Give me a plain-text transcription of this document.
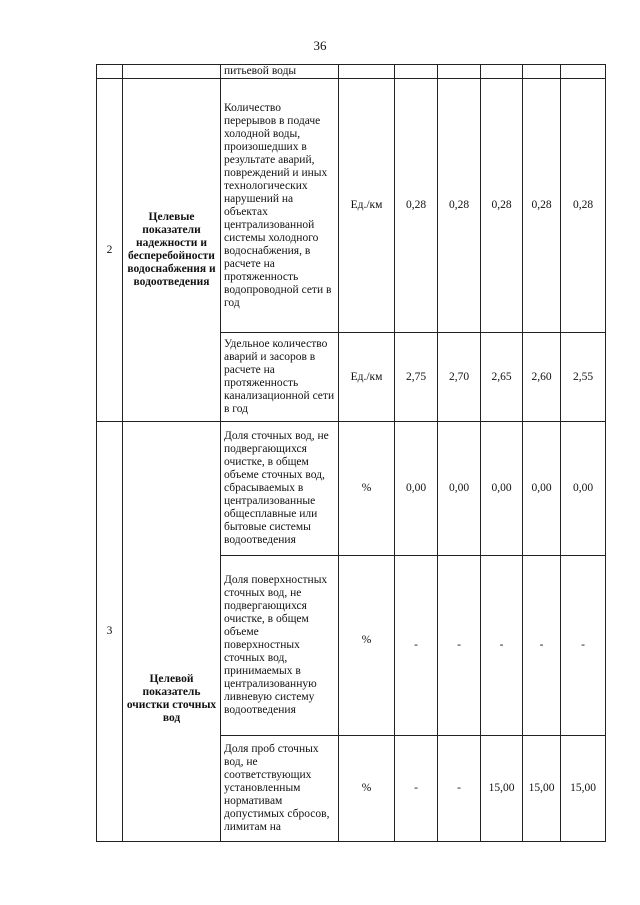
36
		питьевой воды						
2	Целевые показатели надежности и бесперебойности водоснабжения и водоотведения	Количество перерывов в подаче холодной воды, произошедших в результате аварий, повреждений и иных технологических нарушений на объектах централизованной системы холодного водоснабжения, в расчете на протяженность водопроводной сети в год	Ед./км	0,28	0,28	0,28	0,28	0,28
		Удельное количество аварий и засоров в расчете на протяженность канализационной сети в год	Ед./км	2,75	2,70	2,65	2,60	2,55
3	Целевой показатель очистки сточных вод	Доля сточных вод, не подвергающихся очистке, в общем объеме сточных вод, сбрасываемых в централизованные общесплавные или бытовые системы водоотведения	%	0,00	0,00	0,00	0,00	0,00
		Доля поверхностных сточных вод, не подвергающихся очистке, в общем объеме поверхностных сточных вод, принимаемых в централизованную ливневую систему водоотведения	%	-	-	-	-	-
		Доля проб сточных вод, не соответствующих установленным нормативам допустимых сбросов, лимитам на	%	-	-	15,00	15,00	15,00
